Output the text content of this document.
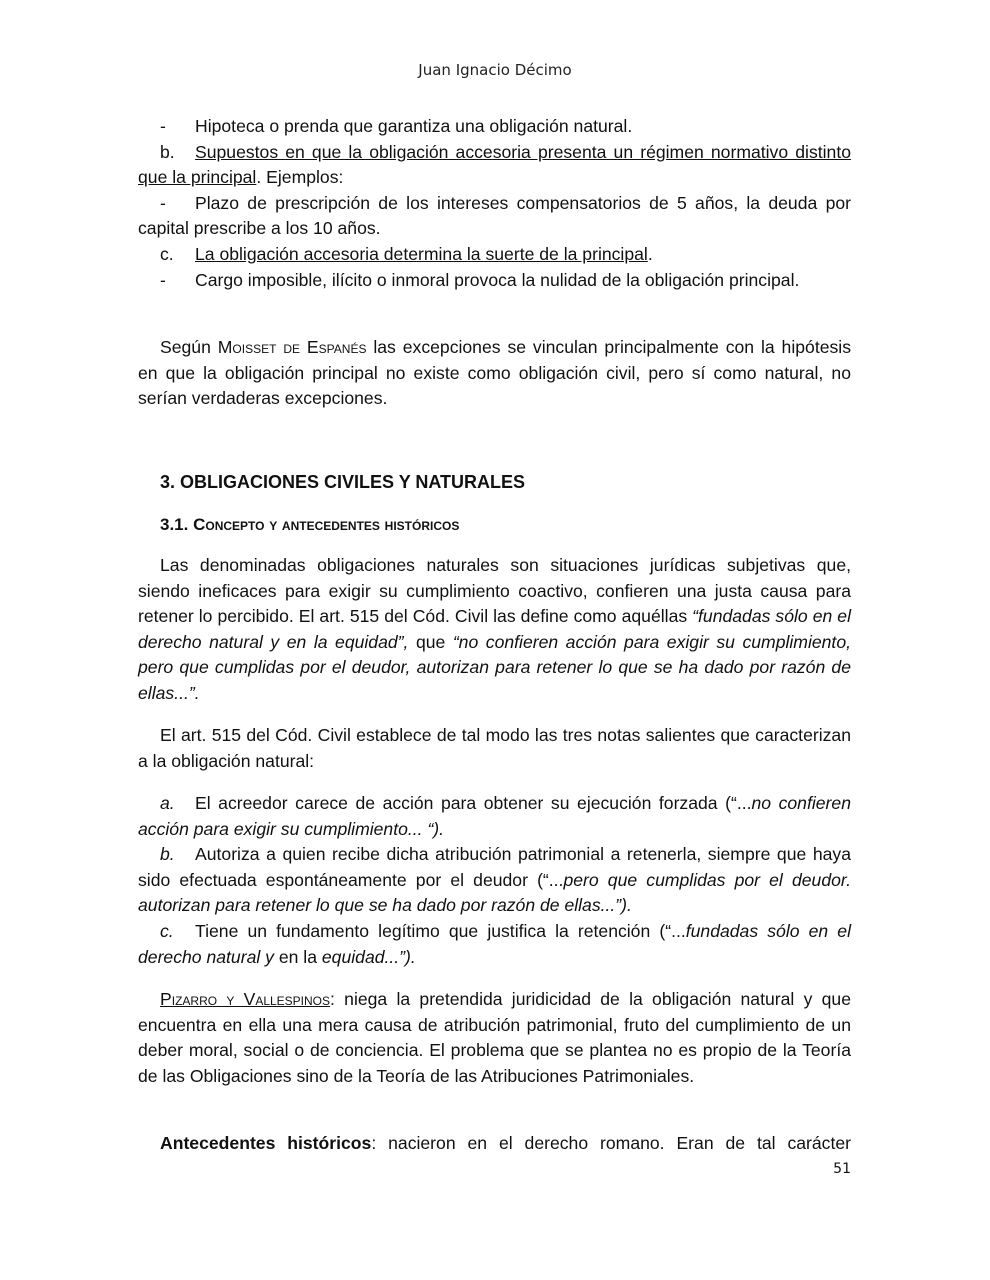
Juan Ignacio Décimo

- Hipoteca o prenda que garantiza una obligación natural.

b. Supuestos en que la obligación accesoria presenta un régimen normativo distinto que la principal. Ejemplos:

- Plazo de prescripción de los intereses compensatorios de 5 años, la deuda por capital prescribe a los 10 años.

c. La obligación accesoria determina la suerte de la principal.

- Cargo imposible, ilícito o inmoral provoca la nulidad de la obligación principal.

Según Moisset de Espanés las excepciones se vinculan principalmente con la hipótesis en que la obligación principal no existe como obligación civil, pero sí como natural, no serían verdaderas excepciones.
3. OBLIGACIONES CIVILES Y NATURALES
3.1. Concepto y antecedentes históricos
Las denominadas obligaciones naturales son situaciones jurídicas subjetivas que, siendo ineficaces para exigir su cumplimiento coactivo, confieren una justa causa para retener lo percibido. El art. 515 del Cód. Civil las define como aquéllas “fundadas sólo en el derecho natural y en la equidad”, que “no confieren acción para exigir su cumplimiento, pero que cumplidas por el deudor, autorizan para retener lo que se ha dado por razón de ellas...”.
El art. 515 del Cód. Civil establece de tal modo las tres notas salientes que caracterizan a la obligación natural:

a. El acreedor carece de acción para obtener su ejecución forzada (“...no confieren acción para exigir su cumplimiento... “).

b. Autoriza a quien recibe dicha atribución patrimonial a retenerla, siempre que haya sido efectuada espontáneamente por el deudor (“...pero que cumplidas por el deudor. autorizan para retener lo que se ha dado por razón de ellas...”).

c. Tiene un fundamento legítimo que justifica la retención (“...fundadas sólo en el derecho natural y en la equidad...”).

Pizarro y Vallespinos: niega la pretendida juridicidad de la obligación natural y que encuentra en ella una mera causa de atribución patrimonial, fruto del cumplimiento de un deber moral, social o de conciencia. El problema que se plantea no es propio de la Teoría de las Obligaciones sino de la Teoría de las Atribuciones Patrimoniales.
Antecedentes históricos: nacieron en el derecho romano. Eran de tal carácter
51
